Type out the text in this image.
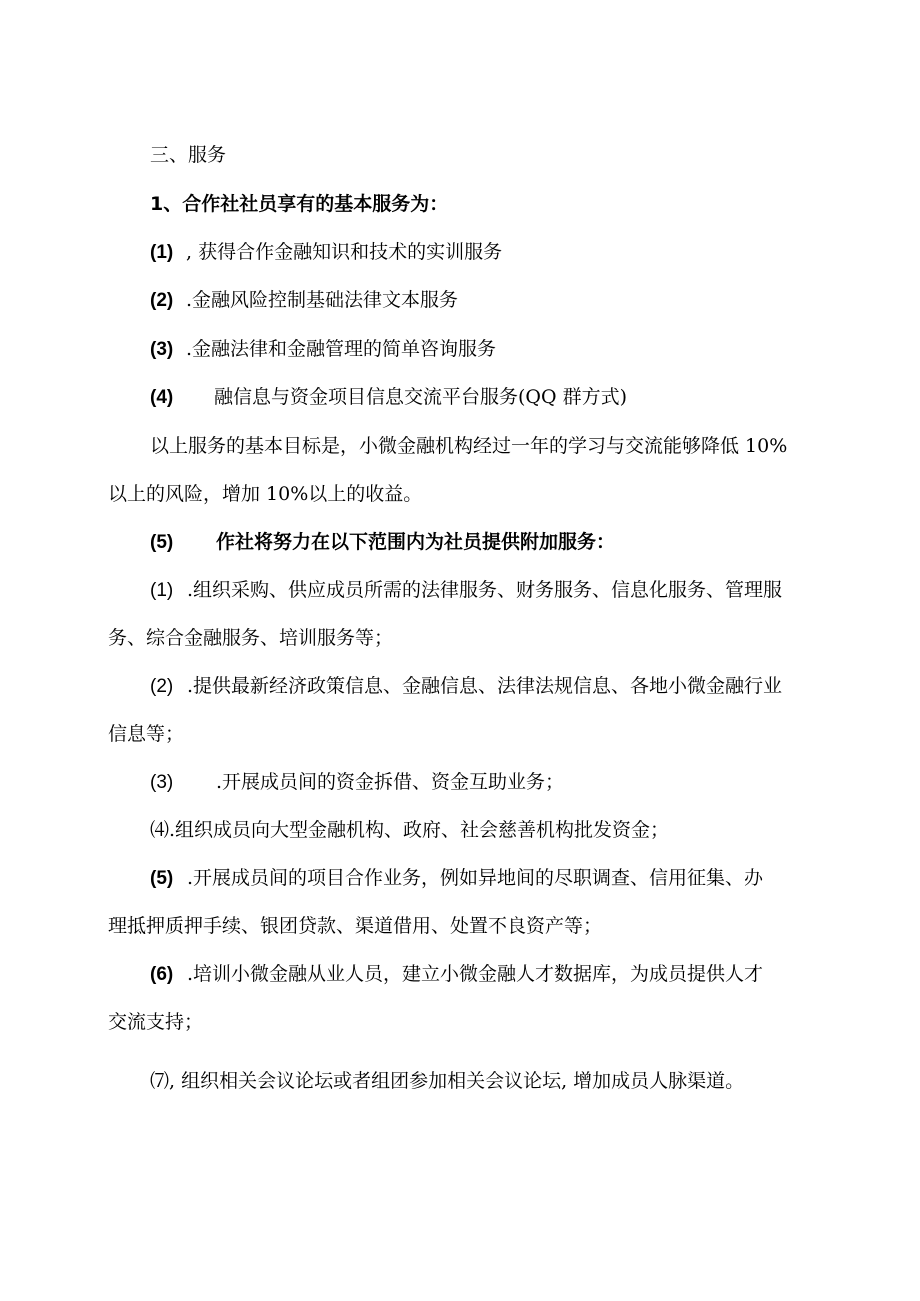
三、服务
1、合作社社员享有的基本服务为：
(1) , 获得合作金融知识和技术的实训服务
(2) .金融风险控制基础法律文本服务
(3) .金融法律和金融管理的简单咨询服务
(4) 融信息与资金项目信息交流平台服务(QQ 群方式)
以上服务的基本目标是，小微金融机构经过一年的学习与交流能够降低 10%
以上的风险，增加 10%以上的收益。
(5) 作社将努力在以下范围内为社员提供附加服务：
(1) .组织采购、供应成员所需的法律服务、财务服务、信息化服务、管理服
务、综合金融服务、培训服务等；
(2) .提供最新经济政策信息、金融信息、法律法规信息、各地小微金融行业
信息等；
(3) .开展成员间的资金拆借、资金互助业务；
⑷.组织成员向大型金融机构、政府、社会慈善机构批发资金；
(5) .开展成员间的项目合作业务，例如异地间的尽职调查、信用征集、办
理抵押质押手续、银团贷款、渠道借用、处置不良资产等；
(6) .培训小微金融从业人员，建立小微金融人才数据库，为成员提供人才
交流支持；
⑺, 组织相关会议论坛或者组团参加相关会议论坛, 增加成员人脉渠道。
